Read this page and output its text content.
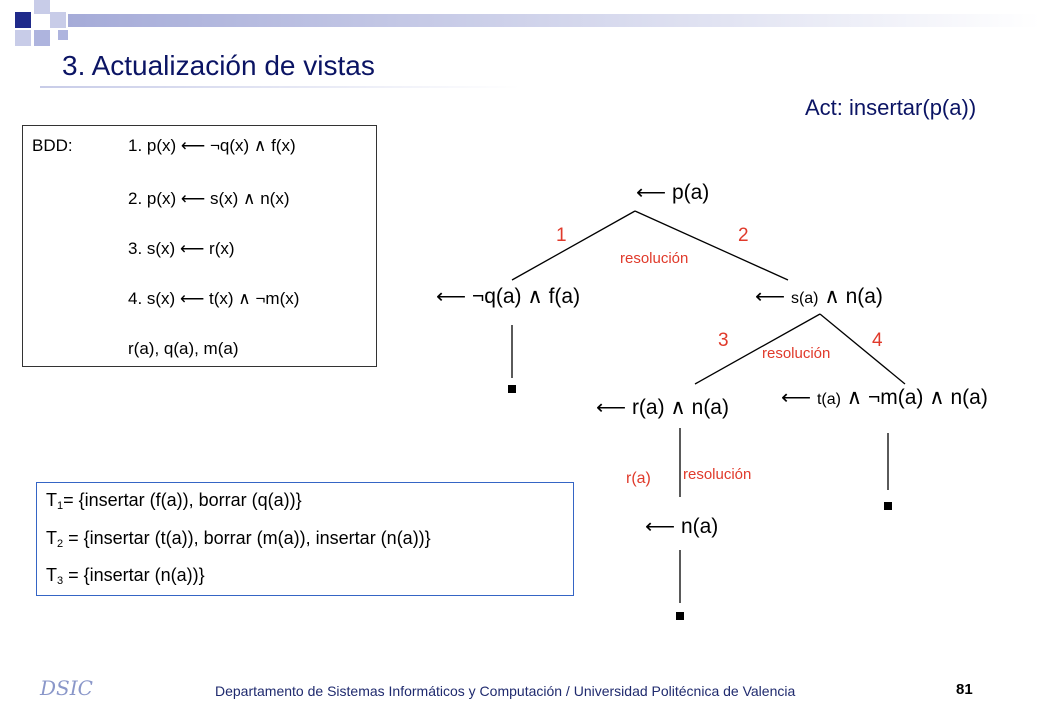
3. Actualización de vistas
Act: insertar(p(a))
BDD:	1. p(x) ⟵ ¬q(x) ∧ f(x)
2. p(x) ⟵ s(x) ∧ n(x)
3. s(x) ⟵ r(x)
4. s(x) ⟵ t(x) ∧ ¬m(x)
r(a), q(a), m(a)
⟵ p(a)
⟵ ¬q(a) ∧ f(a)	⟵ s(a) ∧ n(a)
⟵ r(a) ∧ n(a) ⟵ t(a) ∧ ¬m(a) ∧ n(a)
⟵ n(a)
1	2
resolución
3	4
resolución
r(a) resolución
$T_1=$ {insertar (f(a)), borrar (q(a))}
$T_2$ = {insertar (t(a)), borrar (m(a)), insertar (n(a))}
$T_3$ = {insertar (n(a))}
DSIC	Departamento de Sistemas Informáticos y Computación / Universidad Politécnica de Valencia	81
